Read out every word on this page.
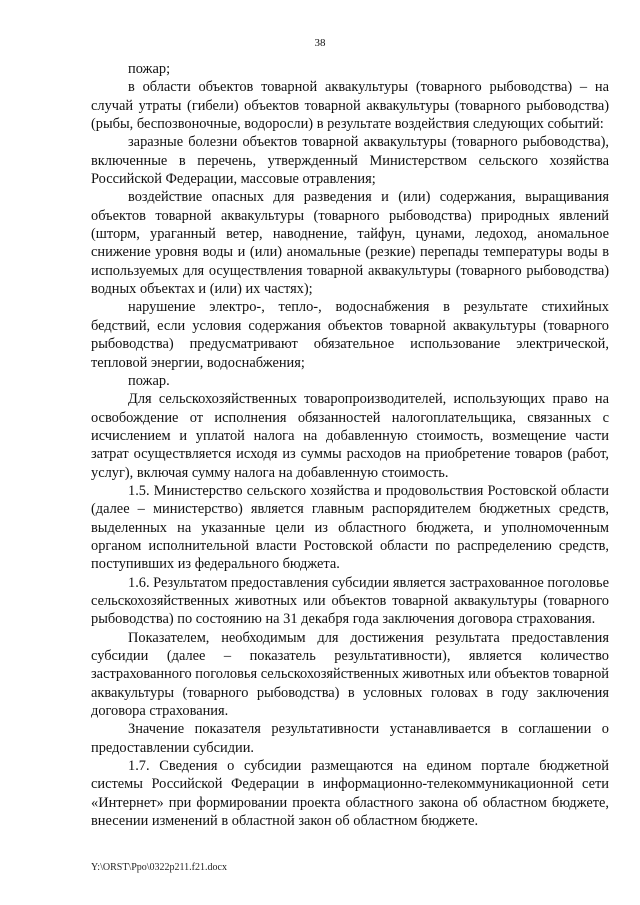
38

пожар;

в области объектов товарной аквакультуры (товарного рыбоводства) – на случай утраты (гибели) объектов товарной аквакультуры (товарного рыбоводства) (рыбы, беспозвоночные, водоросли) в результате воздействия следующих событий:

заразные болезни объектов товарной аквакультуры (товарного рыбоводства), включенные в перечень, утвержденный Министерством сельского хозяйства Российской Федерации, массовые отравления;

воздействие опасных для разведения и (или) содержания, выращивания объектов товарной аквакультуры (товарного рыбоводства) природных явлений (шторм, ураганный ветер, наводнение, тайфун, цунами, ледоход, аномальное снижение уровня воды и (или) аномальные (резкие) перепады температуры воды в используемых для осуществления товарной аквакультуры (товарного рыбоводства) водных объектах и (или) их частях);

нарушение электро-, тепло-, водоснабжения в результате стихийных бедствий, если условия содержания объектов товарной аквакультуры (товарного рыбоводства) предусматривают обязательное использование электрической, тепловой энергии, водоснабжения;

пожар.

Для сельскохозяйственных товаропроизводителей, использующих право на освобождение от исполнения обязанностей налогоплательщика, связанных с исчислением и уплатой налога на добавленную стоимость, возмещение части затрат осуществляется исходя из суммы расходов на приобретение товаров (работ, услуг), включая сумму налога на добавленную стоимость.

1.5. Министерство сельского хозяйства и продовольствия Ростовской области (далее – министерство) является главным распорядителем бюджетных средств, выделенных на указанные цели из областного бюджета, и уполномоченным органом исполнительной власти Ростовской области по распределению средств, поступивших из федерального бюджета.

1.6. Результатом предоставления субсидии является застрахованное поголовье сельскохозяйственных животных или объектов товарной аквакультуры (товарного рыбоводства) по состоянию на 31 декабря года заключения договора страхования.

Показателем, необходимым для достижения результата предоставления субсидии (далее – показатель результативности), является количество застрахованного поголовья сельскохозяйственных животных или объектов товарной аквакультуры (товарного рыбоводства) в условных головах в году заключения договора страхования.

Значение показателя результативности устанавливается в соглашении о предоставлении субсидии.

1.7. Сведения о субсидии размещаются на едином портале бюджетной системы Российской Федерации в информационно-телекоммуникационной сети «Интернет» при формировании проекта областного закона об областном бюджете, внесении изменений в областной закон об областном бюджете.

Y:\ORST\Ppo\0322p211.f21.docx
